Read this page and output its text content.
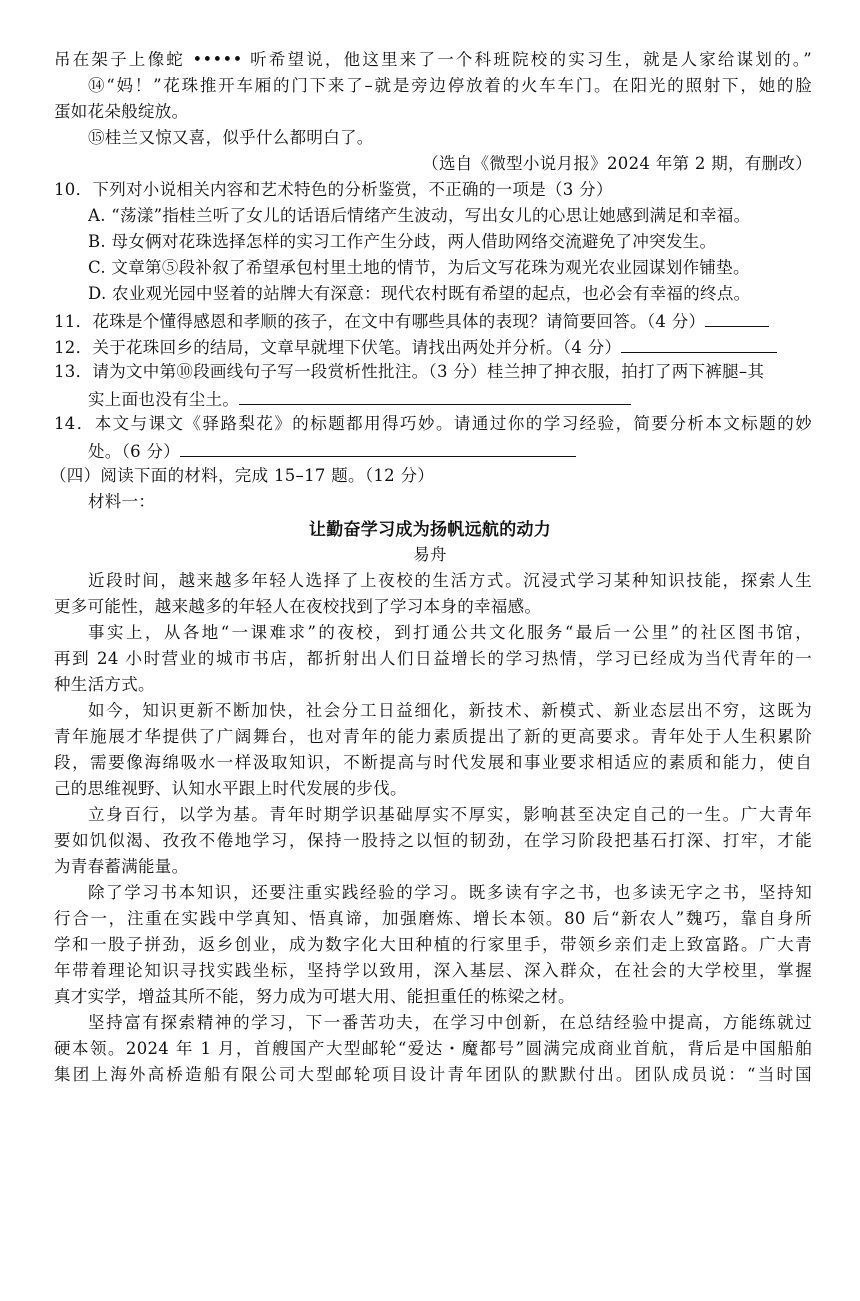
吊在架子上像蛇 ••••• 听希望说，他这里来了一个科班院校的实习生，就是人家给谋划的。”
⑭“妈！”花珠推开车厢的门下来了–就是旁边停放着的火车车门。在阳光的照射下，她的脸
蛋如花朵般绽放。
⑮桂兰又惊又喜，似乎什么都明白了。
（选自《微型小说月报》2024 年第 2 期，有删改）
10．下列对小说相关内容和艺术特色的分析鉴赏，不正确的一项是（3 分）
A. “荡漾”指桂兰听了女儿的话语后情绪产生波动，写出女儿的心思让她感到满足和幸福。
B. 母女俩对花珠选择怎样的实习工作产生分歧，两人借助网络交流避免了冲突发生。
C. 文章第⑤段补叙了希望承包村里土地的情节，为后文写花珠为观光农业园谋划作铺垫。
D. 农业观光园中竖着的站牌大有深意：现代农村既有希望的起点，也必会有幸福的终点。
11．花珠是个懂得感恩和孝顺的孩子，在文中有哪些具体的表现？请简要回答。（4 分）
12．关于花珠回乡的结局，文章早就埋下伏笔。请找出两处并分析。（4 分）
13．请为文中第⑩段画线句子写一段赏析性批注。（3 分）桂兰抻了抻衣服，拍打了两下裤腿–其
实上面也没有尘土。
14．本文与课文《驿路梨花》的标题都用得巧妙。请通过你的学习经验，简要分析本文标题的妙
处。（6 分）
（四）阅读下面的材料，完成 15–17 题。（12 分）
材料一：
让勤奋学习成为扬帆远航的动力
易舟
近段时间，越来越多年轻人选择了上夜校的生活方式。沉浸式学习某种知识技能，探索人生
更多可能性，越来越多的年轻人在夜校找到了学习本身的幸福感。
事实上，从各地“一课难求”的夜校，到打通公共文化服务“最后一公里”的社区图书馆，
再到 24 小时营业的城市书店，都折射出人们日益增长的学习热情，学习已经成为当代青年的一
种生活方式。
如今，知识更新不断加快，社会分工日益细化，新技术、新模式、新业态层出不穷，这既为
青年施展才华提供了广阔舞台，也对青年的能力素质提出了新的更高要求。青年处于人生积累阶
段，需要像海绵吸水一样汲取知识，不断提高与时代发展和事业要求相适应的素质和能力，使自
己的思维视野、认知水平跟上时代发展的步伐。
立身百行，以学为基。青年时期学识基础厚实不厚实，影响甚至决定自己的一生。广大青年
要如饥似渴、孜孜不倦地学习，保持一股持之以恒的韧劲，在学习阶段把基石打深、打牢，才能
为青春蓄满能量。
除了学习书本知识，还要注重实践经验的学习。既多读有字之书，也多读无字之书，坚持知
行合一，注重在实践中学真知、悟真谛，加强磨炼、增长本领。80 后“新农人”魏巧，靠自身所
学和一股子拼劲，返乡创业，成为数字化大田种植的行家里手，带领乡亲们走上致富路。广大青
年带着理论知识寻找实践坐标，坚持学以致用，深入基层、深入群众，在社会的大学校里，掌握
真才实学，增益其所不能，努力成为可堪大用、能担重任的栋梁之材。
坚持富有探索精神的学习，下一番苦功夫，在学习中创新，在总结经验中提高，方能练就过
硬本领。2024 年 1 月，首艘国产大型邮轮“爱达・魔都号”圆满完成商业首航，背后是中国船舶
集团上海外高桥造船有限公司大型邮轮项目设计青年团队的默默付出。团队成员说：“当时国
